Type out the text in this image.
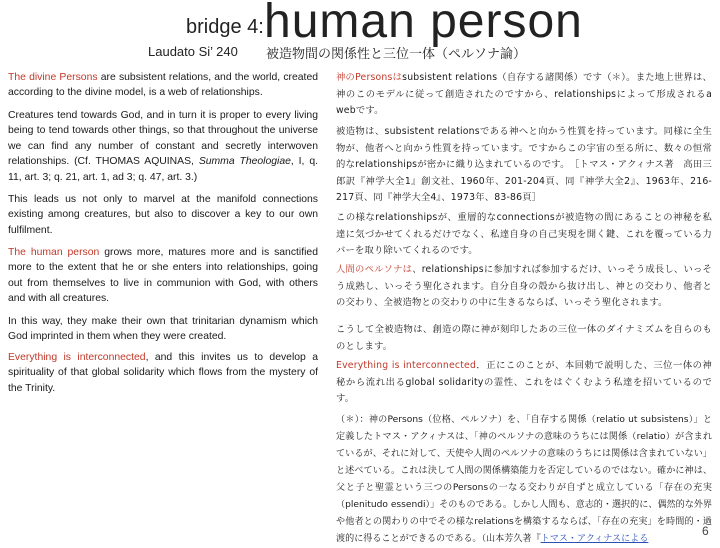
bridge 4: human person
Laudato Si’ 240 被造物間の関係性と三位一体（ペルソナ論）

The divine Persons are subsistent relations, and the world, created according to the divine model, is a web of relationships.

Creatures tend towards God, and in turn it is proper to every living being to tend towards other things, so that throughout the universe we can find any number of constant and secretly interwoven relationships. (Cf. THOMAS AQUINAS, Summa Theologiae, I, q. 11, art. 3; q. 21, art. 1, ad 3; q. 47, art. 3.)

This leads us not only to marvel at the manifold connections existing among creatures, but also to discover a key to our own fulfilment.

The human person grows more, matures more and is sanctified more to the extent that he or she enters into relationships, going out from themselves to live in communion with God, with others and with all creatures.

In this way, they make their own that trinitarian dynamism which God imprinted in them when they were created.

Everything is interconnected, and this invites us to develop a spirituality of that global solidarity which flows from the mystery of the Trinity.

神のPersonsはsubsistent relations（自存する諸関係）です（＊）。また地上世界は、神のこのモデルに従って創造されたのですから、relationshipsによって形成されるa webです。

被造物は、subsistent relationsである神へと向かう性質を持っています。同様に全生物が、他者へと向かう性質を持っています。ですからこの宇宙の至る所に、数々の恒常的なrelationshipsが密かに織り込まれているのです。　［トマス・アクィナス著　高田三郎訳『神学大全1』創文社、1960年、201-204頁、同『神学大全2』、1963年、216-217頁、同『神学大全4』、1973年、83-86頁］

この様なrelationshipsが、重層的なconnectionsが被造物の間にあることの神秘を私達に気づかせてくれるだけでなく、私達自身の自己実現を開く鍵、これを覆っている力バーを取り除いてくれるのです。

人間のペルソナは、relationshipsに参加すれば参加するだけ、いっそう成長し、いっそう成熟し、いっそう聖化されます。自分自身の殻から抜け出し、神との交わり、他者との交わり、全被造物との交わりの中に生きるならば、いっそう聖化されます。

こうして全被造物は、創造の際に神が刻印したあの三位一体のダイナミズムを自らのものとします。

Everything is interconnected．正にこのことが、本回勅で説明した、三位一体の神秘から流れ出るglobal solidarityの霊性、これをはぐくむよう私達を招いているのです。

（＊）：神のPersons（位格、ペルソナ）を、「自存する関係（relatio ut subsistens）」と定義したトマス・アクィナスは、「神のペルソナの意味のうちには関係（relatio）が含まれているが、それに対して、天使や人間のペルソナの意味のうちには関係は含まれていない」と述べている。これは決して人間の関係構築能力を否定しているのではない。確かに神は、父と子と聖霊という三つのPersonsの一なる交わりが自ずと成立している「存在の充実（plenitudo essendi）」そのものである。しかし人間も、意志的・選択的に、偶然的な外界や他者との関わりの中でその様なrelationsを構築するならば、「存在の充実」を時間的・過渡的に得ることができるのである。（山本芳久著『トマス・アクィナスによる

6
